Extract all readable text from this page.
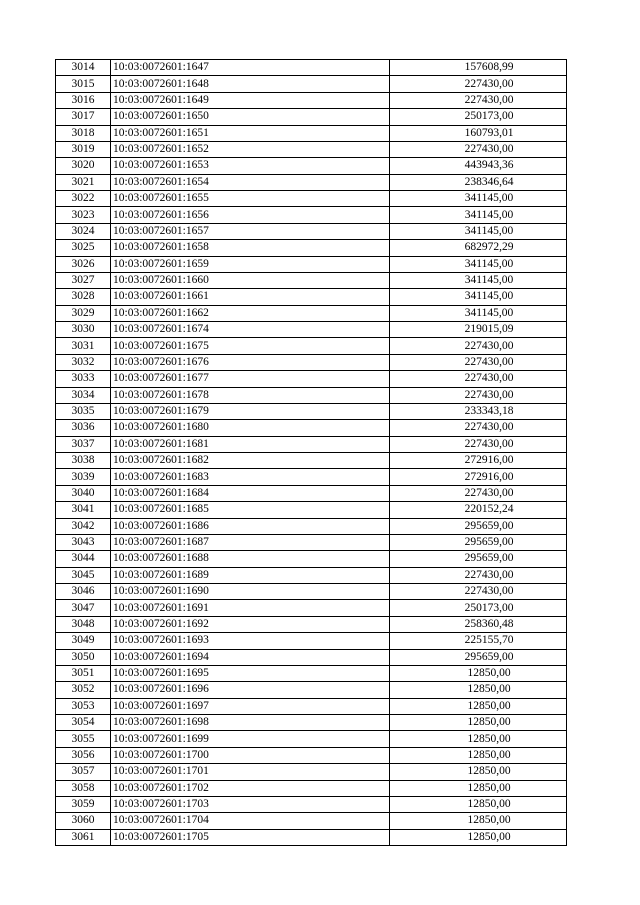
3014	10:03:0072601:1647	157608,99
3015	10:03:0072601:1648	227430,00
3016	10:03:0072601:1649	227430,00
3017	10:03:0072601:1650	250173,00
3018	10:03:0072601:1651	160793,01
3019	10:03:0072601:1652	227430,00
3020	10:03:0072601:1653	443943,36
3021	10:03:0072601:1654	238346,64
3022	10:03:0072601:1655	341145,00
3023	10:03:0072601:1656	341145,00
3024	10:03:0072601:1657	341145,00
3025	10:03:0072601:1658	682972,29
3026	10:03:0072601:1659	341145,00
3027	10:03:0072601:1660	341145,00
3028	10:03:0072601:1661	341145,00
3029	10:03:0072601:1662	341145,00
3030	10:03:0072601:1674	219015,09
3031	10:03:0072601:1675	227430,00
3032	10:03:0072601:1676	227430,00
3033	10:03:0072601:1677	227430,00
3034	10:03:0072601:1678	227430,00
3035	10:03:0072601:1679	233343,18
3036	10:03:0072601:1680	227430,00
3037	10:03:0072601:1681	227430,00
3038	10:03:0072601:1682	272916,00
3039	10:03:0072601:1683	272916,00
3040	10:03:0072601:1684	227430,00
3041	10:03:0072601:1685	220152,24
3042	10:03:0072601:1686	295659,00
3043	10:03:0072601:1687	295659,00
3044	10:03:0072601:1688	295659,00
3045	10:03:0072601:1689	227430,00
3046	10:03:0072601:1690	227430,00
3047	10:03:0072601:1691	250173,00
3048	10:03:0072601:1692	258360,48
3049	10:03:0072601:1693	225155,70
3050	10:03:0072601:1694	295659,00
3051	10:03:0072601:1695	12850,00
3052	10:03:0072601:1696	12850,00
3053	10:03:0072601:1697	12850,00
3054	10:03:0072601:1698	12850,00
3055	10:03:0072601:1699	12850,00
3056	10:03:0072601:1700	12850,00
3057	10:03:0072601:1701	12850,00
3058	10:03:0072601:1702	12850,00
3059	10:03:0072601:1703	12850,00
3060	10:03:0072601:1704	12850,00
3061	10:03:0072601:1705	12850,00
